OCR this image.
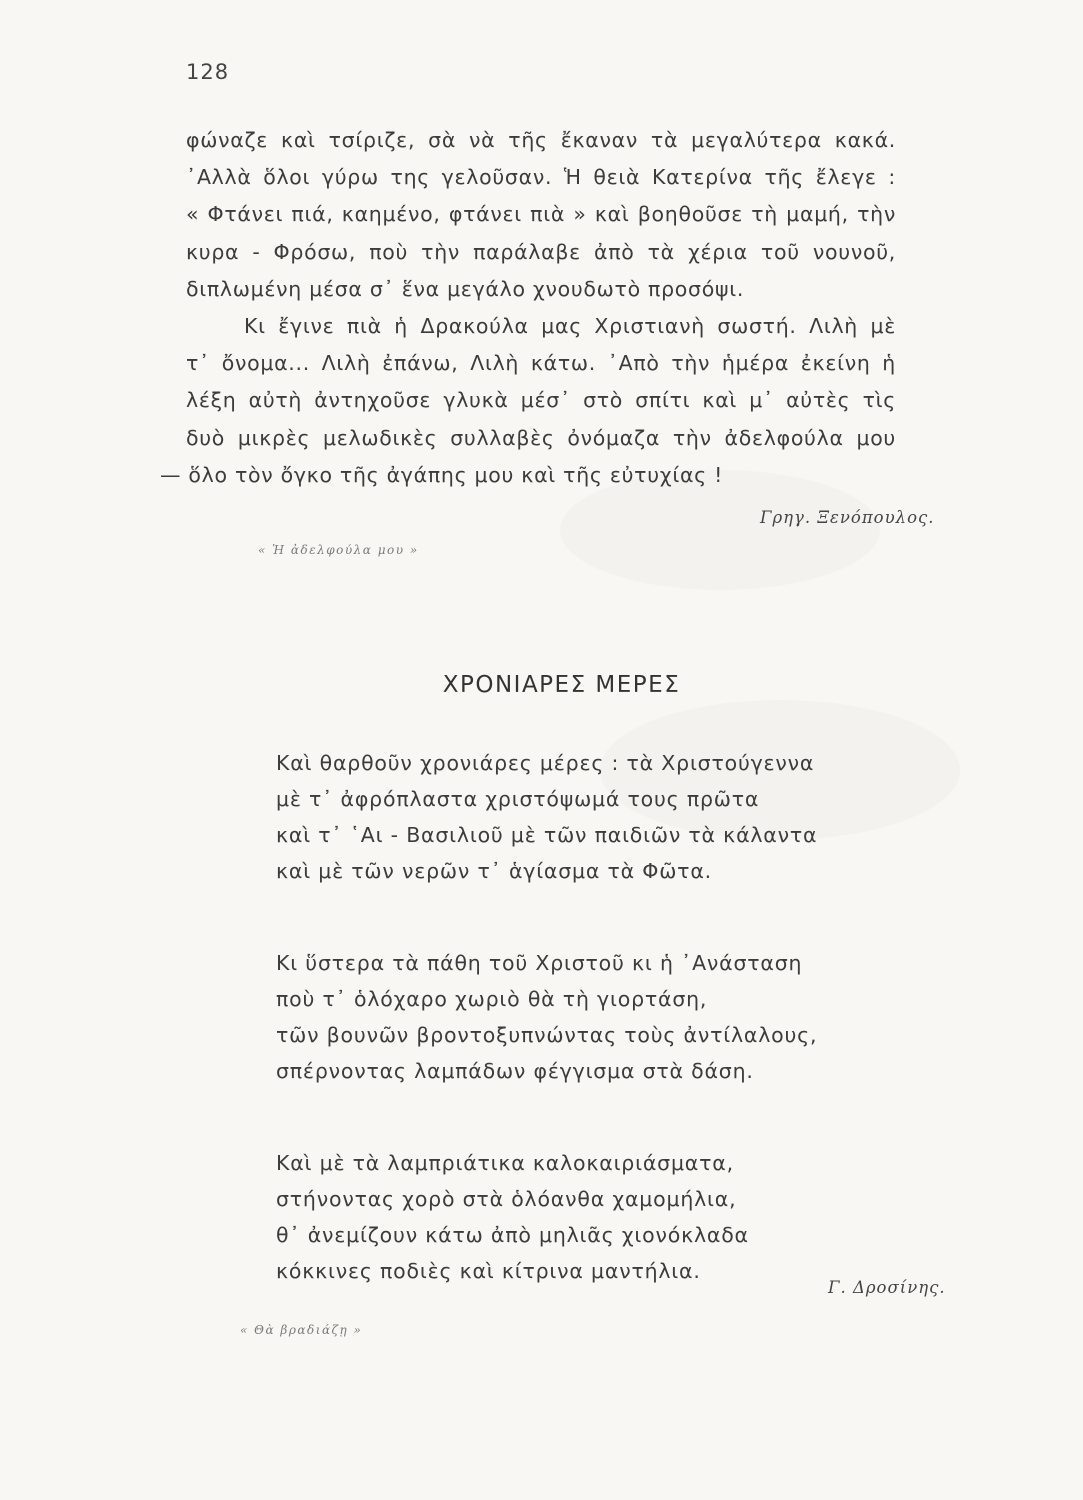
128
φώναζε καὶ τσίριζε, σὰ νὰ τῆς ἔκαναν τὰ μεγαλύτερα κακά.
᾿Αλλὰ ὅλοι γύρω της γελοῦσαν. Ἡ θειὰ Κατερίνα τῆς ἔλεγε :
« Φτάνει πιά, καημένο, φτάνει πιὰ » καὶ βοηθοῦσε τὴ μαμή, τὴν
κυρα - Φρόσω, ποὺ τὴν παράλαβε ἀπὸ τὰ χέρια τοῦ νουνοῦ,
διπλωμένη μέσα σ᾿ ἕνα μεγάλο χνουδωτὸ προσόψι.
Κι ἔγινε πιὰ ἡ Δρακούλα μας Χριστιανὴ σωστή. Λιλὴ μὲ
τ᾿ ὄνομα... Λιλὴ ἐπάνω, Λιλὴ κάτω. ᾿Απὸ τὴν ἡμέρα ἐκείνη ἡ
λέξη αὐτὴ ἀντηχοῦσε γλυκὰ μέσ᾿ στὸ σπίτι καὶ μ᾿ αὐτὲς τὶς
δυὸ μικρὲς μελωδικὲς συλλαβὲς ὀνόμαζα τὴν ἀδελφούλα μου
— ὅλο τὸν ὄγκο τῆς ἀγάπης μου καὶ τῆς εὐτυχίας !
Γρηγ. Ξενόπουλος.
« Ἡ ἀδελφούλα μου »
ΧΡΟΝΙΑΡΕΣ ΜΕΡΕΣ
Καὶ θαρθοῦν χρονιάρες μέρες : τὰ Χριστούγεννα
μὲ τ᾿ ἀφρόπλαστα χριστόψωμά τους πρῶτα
καὶ τ᾿ ῾Αι - Βασιλιοῦ μὲ τῶν παιδιῶν τὰ κάλαντα
καὶ μὲ τῶν νερῶν τ᾿ ἁγίασμα τὰ Φῶτα.
Κι ὕστερα τὰ πάθη τοῦ Χριστοῦ κι ἡ ᾿Ανάσταση
ποὺ τ᾿ ὁλόχαρο χωριὸ θὰ τὴ γιορτάση,
τῶν βουνῶν βροντοξυπνώντας τοὺς ἀντίλαλους,
σπέρνοντας λαμπάδων φέγγισμα στὰ δάση.
Καὶ μὲ τὰ λαμπριάτικα καλοκαιριάσματα,
στήνοντας χορὸ στὰ ὁλόανθα χαμομήλια,
θ᾿ ἀνεμίζουν κάτω ἀπὸ μηλιᾶς χιονόκλαδα
κόκκινες ποδιὲς καὶ κίτρινα μαντήλια.
Γ. Δροσίνης.
« Θὰ βραδιάζῃ »
